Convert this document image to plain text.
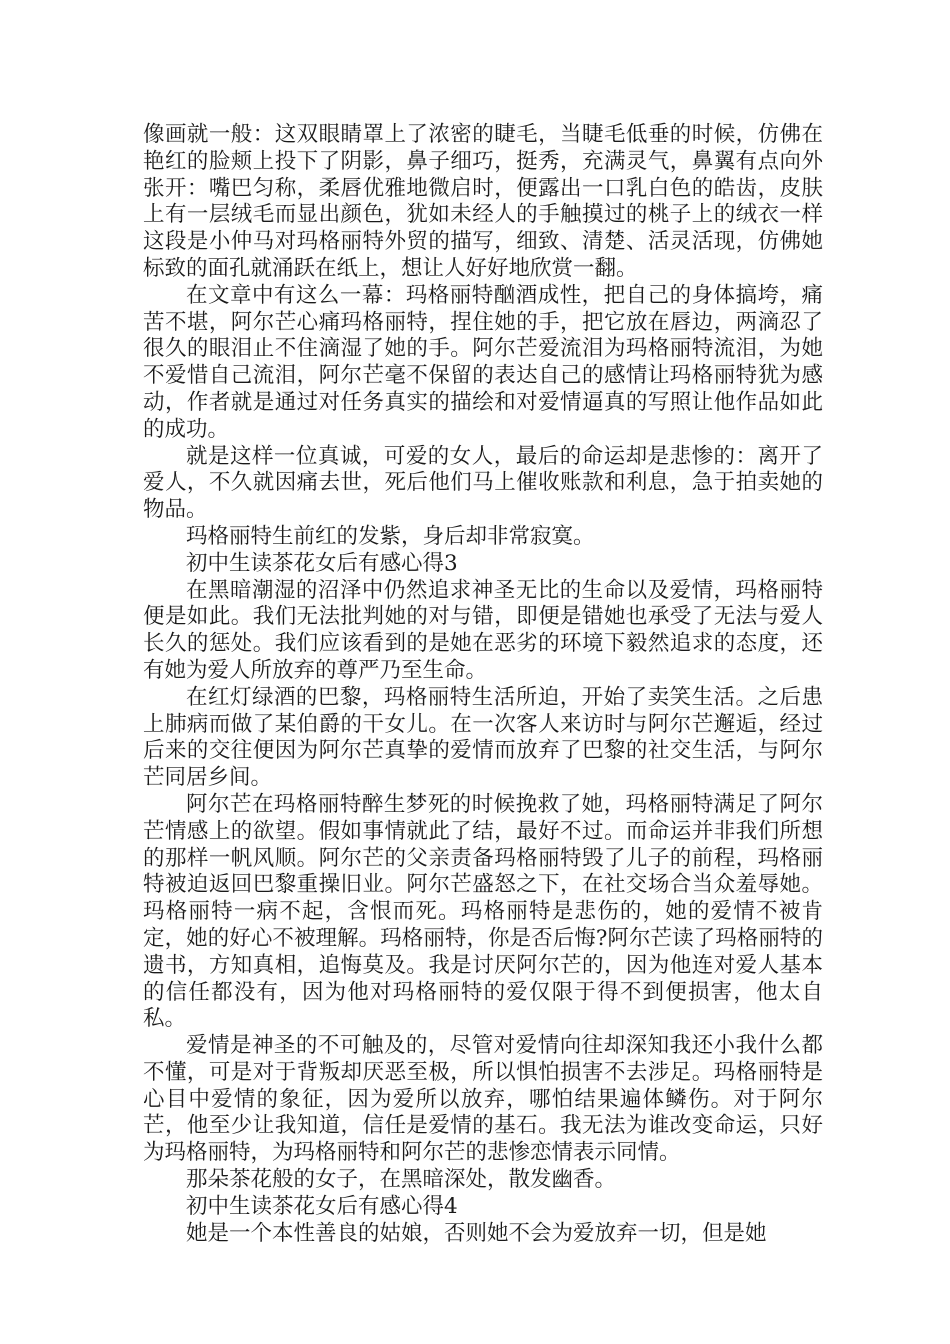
像画就一般：这双眼睛罩上了浓密的睫毛，当睫毛低垂的时候，仿佛在艳红的脸颊上投下了阴影，鼻子细巧，挺秀，充满灵气，鼻翼有点向外张开：嘴巴匀称，柔唇优雅地微启时，便露出一口乳白色的皓齿，皮肤上有一层绒毛而显出颜色，犹如未经人的手触摸过的桃子上的绒衣一样这段是小仲马对玛格丽特外贸的描写，细致、清楚、活灵活现，仿佛她标致的面孔就涌跃在纸上，想让人好好地欣赏一翻。

在文章中有这么一幕：玛格丽特酗酒成性，把自己的身体搞垮，痛苦不堪，阿尔芒心痛玛格丽特，捏住她的手，把它放在唇边，两滴忍了很久的眼泪止不住滴湿了她的手。阿尔芒爱流泪为玛格丽特流泪，为她不爱惜自己流泪，阿尔芒毫不保留的表达自己的感情让玛格丽特犹为感动，作者就是通过对任务真实的描绘和对爱情逼真的写照让他作品如此的成功。

就是这样一位真诚，可爱的女人，最后的命运却是悲惨的：离开了爱人，不久就因痛去世，死后他们马上催收账款和利息，急于拍卖她的物品。

玛格丽特生前红的发紫，身后却非常寂寞。

初中生读茶花女后有感心得3

在黑暗潮湿的沼泽中仍然追求神圣无比的生命以及爱情，玛格丽特便是如此。我们无法批判她的对与错，即便是错她也承受了无法与爱人长久的惩处。我们应该看到的是她在恶劣的环境下毅然追求的态度，还有她为爱人所放弃的尊严乃至生命。

在红灯绿酒的巴黎，玛格丽特生活所迫，开始了卖笑生活。之后患上肺病而做了某伯爵的干女儿。在一次客人来访时与阿尔芒邂逅，经过后来的交往便因为阿尔芒真挚的爱情而放弃了巴黎的社交生活，与阿尔芒同居乡间。

阿尔芒在玛格丽特醉生梦死的时候挽救了她，玛格丽特满足了阿尔芒情感上的欲望。假如事情就此了结，最好不过。而命运并非我们所想的那样一帆风顺。阿尔芒的父亲责备玛格丽特毁了儿子的前程，玛格丽特被迫返回巴黎重操旧业。阿尔芒盛怒之下，在社交场合当众羞辱她。玛格丽特一病不起，含恨而死。玛格丽特是悲伤的，她的爱情不被肯定，她的好心不被理解。玛格丽特，你是否后悔?阿尔芒读了玛格丽特的遗书，方知真相，追悔莫及。我是讨厌阿尔芒的，因为他连对爱人基本的信任都没有，因为他对玛格丽特的爱仅限于得不到便损害，他太自私。

爱情是神圣的不可触及的，尽管对爱情向往却深知我还小我什么都不懂，可是对于背叛却厌恶至极，所以惧怕损害不去涉足。玛格丽特是心目中爱情的象征，因为爱所以放弃，哪怕结果遍体鳞伤。对于阿尔芒，他至少让我知道，信任是爱情的基石。我无法为谁改变命运，只好为玛格丽特，为玛格丽特和阿尔芒的悲惨恋情表示同情。

那朵茶花般的女子，在黑暗深处，散发幽香。

初中生读茶花女后有感心得4

她是一个本性善良的姑娘，否则她不会为爱放弃一切，但是她
